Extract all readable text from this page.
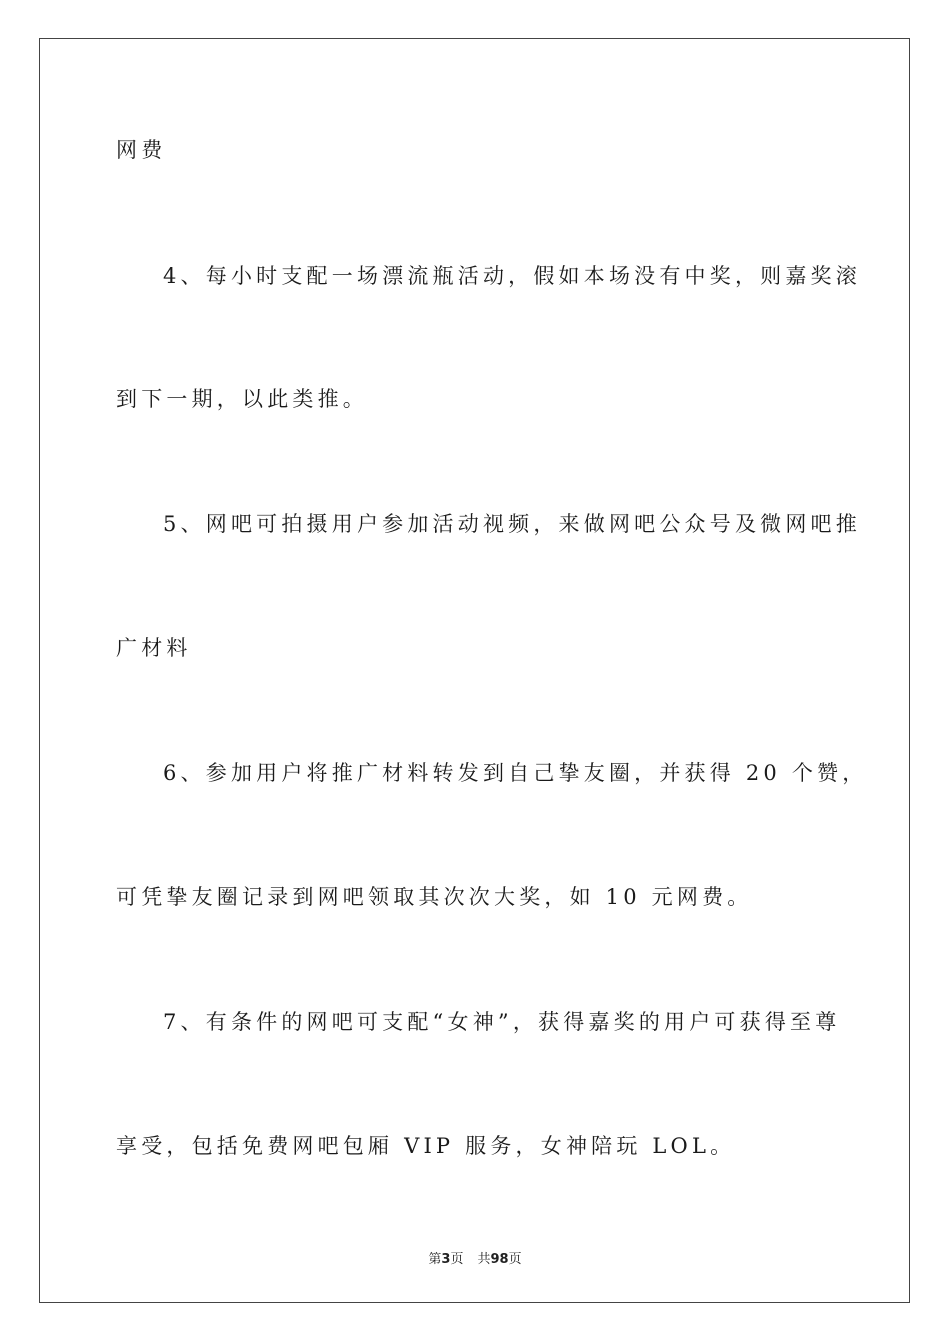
网费
4、每小时支配一场漂流瓶活动，假如本场没有中奖，则嘉奖滚
到下一期，以此类推。
5、网吧可拍摄用户参加活动视频，来做网吧公众号及微网吧推
广材料
6、参加用户将推广材料转发到自己挚友圈，并获得 20 个赞，
可凭挚友圈记录到网吧领取其次次大奖，如 10 元网费。
7、有条件的网吧可支配“女神”，获得嘉奖的用户可获得至尊
享受，包括免费网吧包厢 VIP 服务，女神陪玩 LOL。
第3页 共98页
